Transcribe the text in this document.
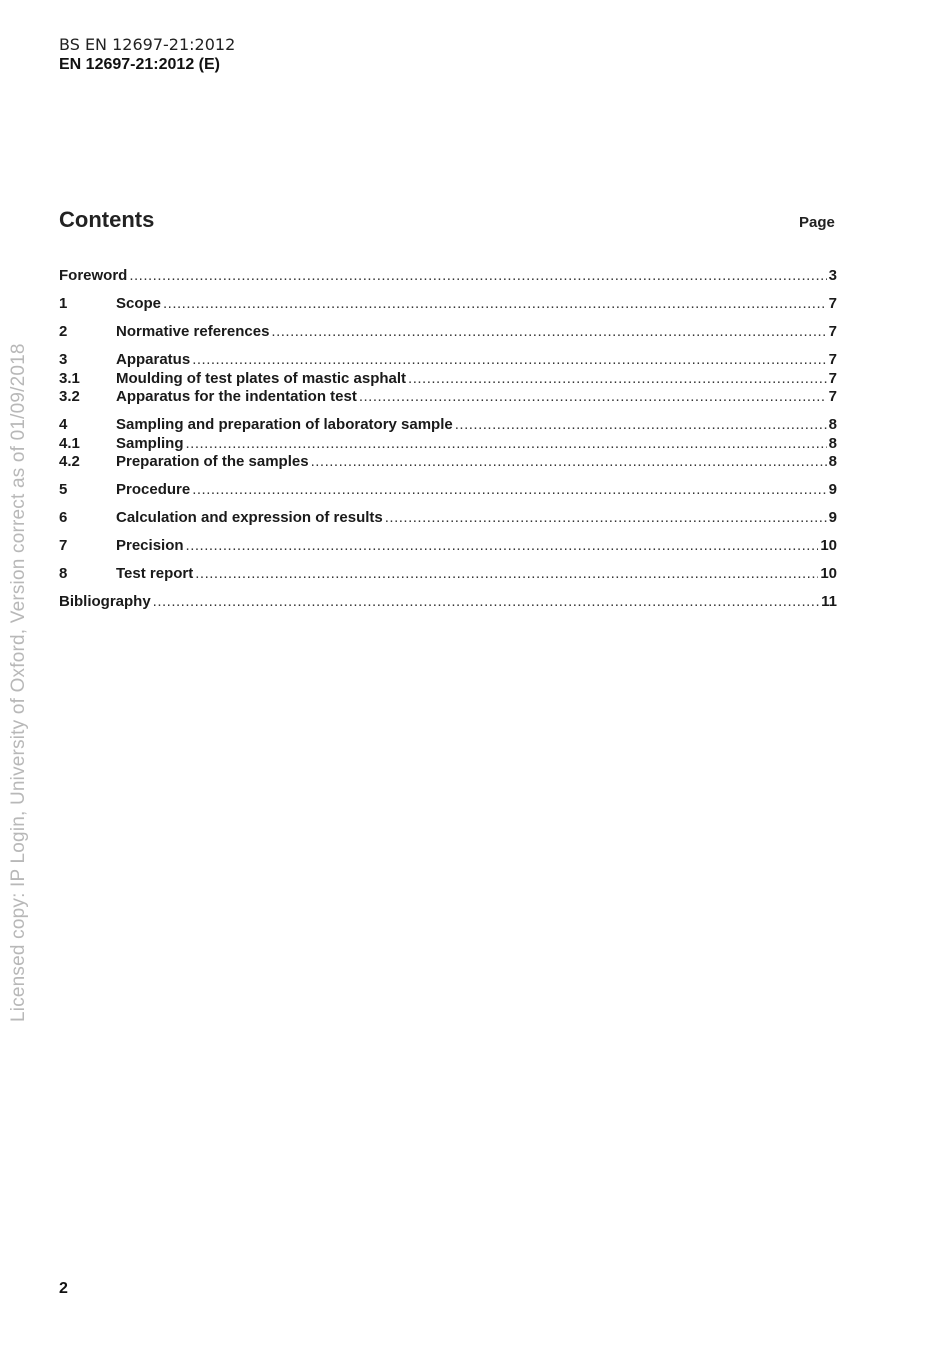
BS EN 12697-21:2012
EN 12697-21:2012 (E)
Contents	Page
Foreword .....	3
1	Scope .....	7
2	Normative references .....	7
3	Apparatus .....	7
3.1	Moulding of test plates of mastic asphalt .....	7
3.2	Apparatus for the indentation test .....	7
4	Sampling and preparation of laboratory sample .....	8
4.1	Sampling .....	8
4.2	Preparation of the samples .....	8
5	Procedure .....	9
6	Calculation and expression of results .....	9
7	Precision .....	10
8	Test report .....	10
Bibliography .....	11
Licensed copy: IP Login, University of Oxford, Version correct as of 01/09/2018
2
